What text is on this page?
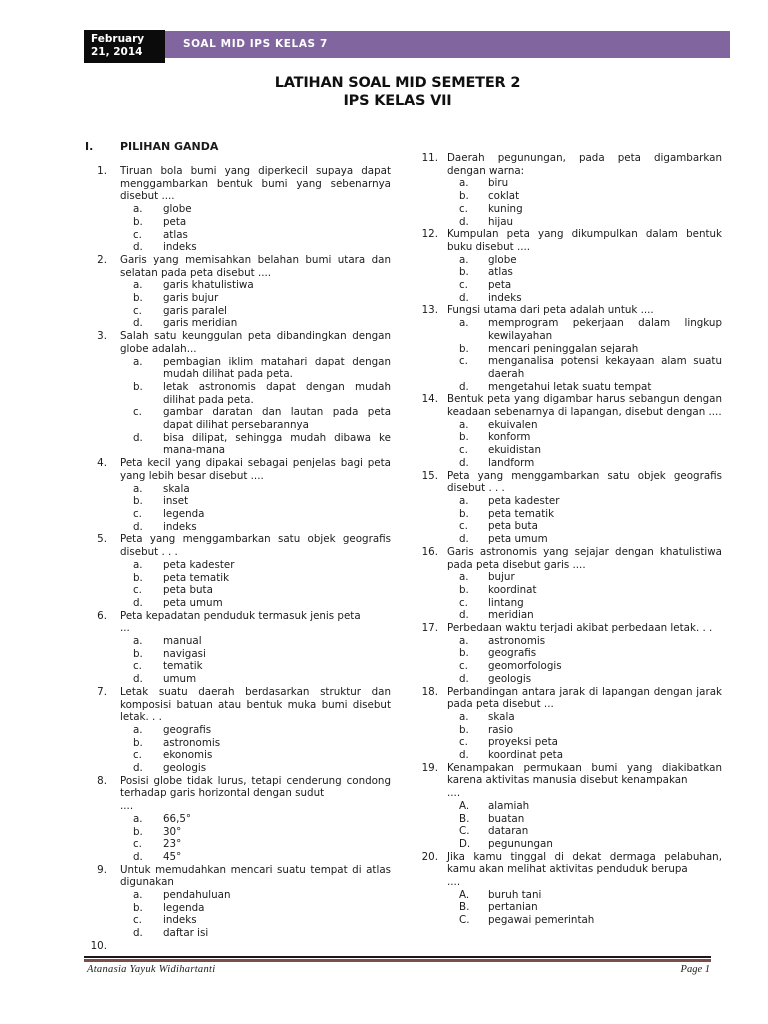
February 21, 2014
SOAL MID IPS KELAS 7
LATIHAN SOAL MID SEMETER 2
IPS KELAS VII
I. PILIHAN GANDA
1. Tiruan bola bumi yang diperkecil supaya dapat menggambarkan bentuk bumi yang sebenarnya disebut ....
a.	globe
b.	peta
c.	atlas
d.	indeks
2. Garis yang memisahkan belahan bumi utara dan selatan pada peta disebut ....
a.	garis khatulistiwa
b.	garis bujur
c.	garis paralel
d.	garis meridian
3. Salah satu keunggulan peta dibandingkan dengan globe adalah...
a.	pembagian iklim matahari dapat dengan mudah dilihat pada peta.
b.	letak astronomis dapat dengan mudah dilihat pada peta.
c.	gambar daratan dan lautan pada peta dapat dilihat persebarannya
d.	bisa dilipat, sehingga mudah dibawa ke mana-mana
4. Peta kecil yang dipakai sebagai penjelas bagi peta yang lebih besar disebut ....
a.	skala
b.	inset
c.	legenda
d.	indeks
5. Peta yang menggambarkan satu objek geografis disebut . . .
a.	peta kadester
b.	peta tematik
c.	peta buta
d.	peta umum
6. Peta kepadatan penduduk termasuk jenis peta
...
a.	manual
b.	navigasi
c.	tematik
d.	umum
7. Letak suatu daerah berdasarkan struktur dan komposisi batuan atau bentuk muka bumi disebut letak. . .
a.	geografis
b.	astronomis
c.	ekonomis
d.	geologis
8. Posisi globe tidak lurus, tetapi cenderung condong terhadap garis horizontal dengan sudut
....
a.	66,5°
b.	30°
c.	23°
d.	45°
9. Untuk memudahkan mencari suatu tempat di atlas digunakan
a.	pendahuluan
b.	legenda
c.	indeks
d.	daftar isi
10.
11. Daerah pegunungan, pada peta digambarkan dengan warna:
a.	biru
b.	coklat
c.	kuning
d.	hijau
12. Kumpulan peta yang dikumpulkan dalam bentuk buku disebut ....
a.	globe
b.	atlas
c.	peta
d.	indeks
13. Fungsi utama dari peta adalah untuk ....
a.	memprogram pekerjaan dalam lingkup kewilayahan
b.	mencari peninggalan sejarah
c.	menganalisa potensi kekayaan alam suatu daerah
d.	mengetahui letak suatu tempat
14. Bentuk peta yang digambar harus sebangun dengan keadaan sebenarnya di lapangan, disebut dengan ....
a.	ekuivalen
b.	konform
c.	ekuidistan
d.	landform
15. Peta yang menggambarkan satu objek geografis disebut . . .
a.	peta kadester
b.	peta tematik
c.	peta buta
d.	peta umum
16. Garis astronomis yang sejajar dengan khatulistiwa pada peta disebut garis ....
a.	bujur
b.	koordinat
c.	lintang
d.	meridian
17. Perbedaan waktu terjadi akibat perbedaan letak. . .
a.	astronomis
b.	geografis
c.	geomorfologis
d.	geologis
18. Perbandingan antara jarak di lapangan dengan jarak pada peta disebut ...
a.	skala
b.	rasio
c.	proyeksi peta
d.	koordinat peta
19. Kenampakan permukaan bumi yang diakibatkan karena aktivitas manusia disebut kenampakan
....
A.	alamiah
B.	buatan
C.	dataran
D.	pegunungan
20. Jika kamu tinggal di dekat dermaga pelabuhan, kamu akan melihat aktivitas penduduk berupa
....
A.	buruh tani
B.	pertanian
C.	pegawai pemerintah
Atanasia Yayuk Widihartanti	Page 1
